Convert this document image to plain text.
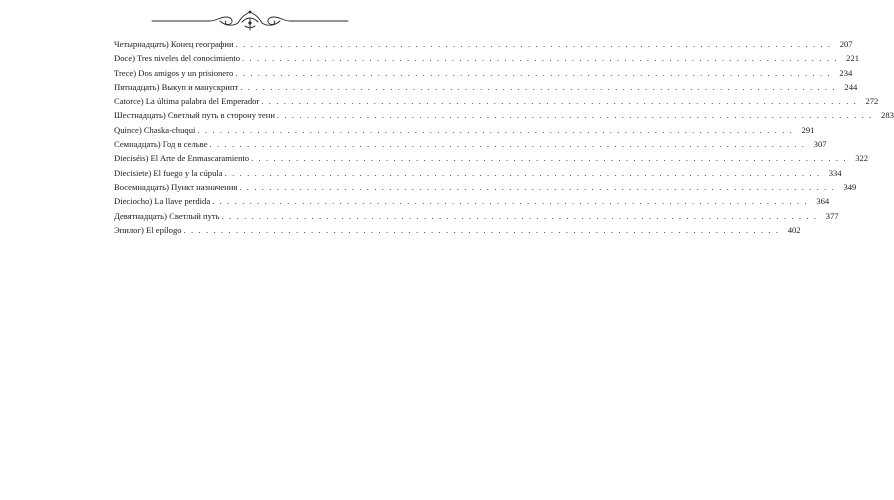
Четырнадцать) Конец географии . . . . . . . . . . . . . . . . . . . . . . . . . . . . . . . . . . . . . . . . . . . . . . . . . . . . . . . . . . . . . . . . . . . . . . . . . . . . . . . . 207
Doce) Tres niveles del conocimiento . . . . . . . . . . . . . . . . . . . . . . . . . . . . . . . . . . . . . . . . . . . . . . . . . . . . . . . . . . . . . . . . . . . . . . . . . . . . . . . . 221
Trece) Dos amigos y un prisionero . . . . . . . . . . . . . . . . . . . . . . . . . . . . . . . . . . . . . . . . . . . . . . . . . . . . . . . . . . . . . . . . . . . . . . . . . . . . . . . . 234
Пятнадцать) Выкуп и манускрипт . . . . . . . . . . . . . . . . . . . . . . . . . . . . . . . . . . . . . . . . . . . . . . . . . . . . . . . . . . . . . . . . . . . . . . . . . . . . . . . . 244
Catorce) La última palabra del Emperador . . . . . . . . . . . . . . . . . . . . . . . . . . . . . . . . . . . . . . . . . . . . . . . . . . . . . . . . . . . . . . . . . . . . . . . . . . . . . . . . 272
Шестнадцать) Светлый путь в сторону тени . . . . . . . . . . . . . . . . . . . . . . . . . . . . . . . . . . . . . . . . . . . . . . . . . . . . . . . . . . . . . . . . . . . . . . . . . . . . . . . . 283
Quince) Chaska-chuqui . . . . . . . . . . . . . . . . . . . . . . . . . . . . . . . . . . . . . . . . . . . . . . . . . . . . . . . . . . . . . . . . . . . . . . . . . . . . . . . . 291
Семнадцать) Год в сельве . . . . . . . . . . . . . . . . . . . . . . . . . . . . . . . . . . . . . . . . . . . . . . . . . . . . . . . . . . . . . . . . . . . . . . . . . . . . . . . . 307
Dieciséis) El Arte de Enmascaramiento . . . . . . . . . . . . . . . . . . . . . . . . . . . . . . . . . . . . . . . . . . . . . . . . . . . . . . . . . . . . . . . . . . . . . . . . . . . . . . . . 322
Diecisiete) El fuego y la cúpula . . . . . . . . . . . . . . . . . . . . . . . . . . . . . . . . . . . . . . . . . . . . . . . . . . . . . . . . . . . . . . . . . . . . . . . . . . . . . . . . 334
Восемнадцать) Пункт назначения . . . . . . . . . . . . . . . . . . . . . . . . . . . . . . . . . . . . . . . . . . . . . . . . . . . . . . . . . . . . . . . . . . . . . . . . . . . . . . . . 349
Dieciocho) La llave perdida . . . . . . . . . . . . . . . . . . . . . . . . . . . . . . . . . . . . . . . . . . . . . . . . . . . . . . . . . . . . . . . . . . . . . . . . . . . . . . . . 364
Девятнадцать) Светлый путь . . . . . . . . . . . . . . . . . . . . . . . . . . . . . . . . . . . . . . . . . . . . . . . . . . . . . . . . . . . . . . . . . . . . . . . . . . . . . . . . 377
Эпилог) El epílogo . . . . . . . . . . . . . . . . . . . . . . . . . . . . . . . . . . . . . . . . . . . . . . . . . . . . . . . . . . . . . . . . . . . . . . . . . . . . . . . . 402
